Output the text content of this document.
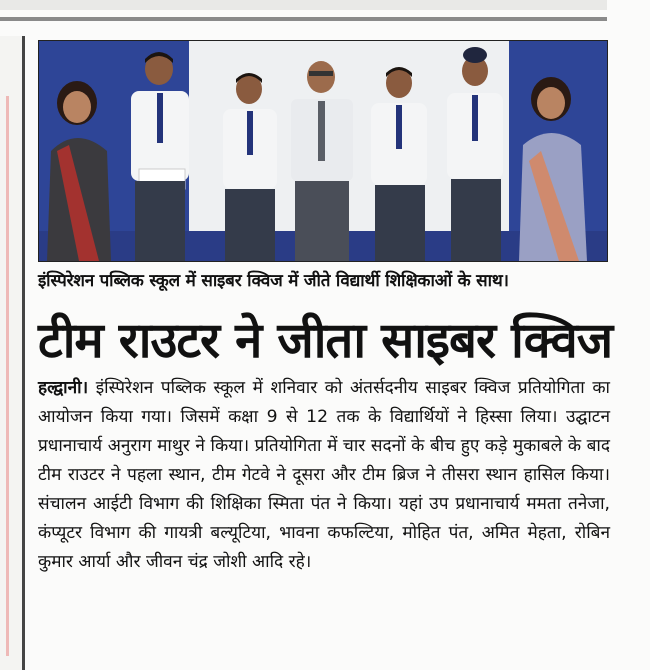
इंस्पिरेशन पब्लिक स्कूल में साइबर क्विज में जीते विद्यार्थी शिक्षिकाओं के साथ।
टीम राउटर ने जीता साइबर क्विज
हल्द्वानी। इंस्पिरेशन पब्लिक स्कूल में शनिवार को अंतर्सदनीय साइबर क्विज प्रतियोगिता का आयोजन किया गया। जिसमें कक्षा 9 से 12 तक के विद्यार्थियों ने हिस्सा लिया। उद्घाटन प्रधानाचार्य अनुराग माथुर ने किया। प्रतियोगिता में चार सदनों के बीच हुए कड़े मुकाबले के बाद टीम राउटर ने पहला स्थान, टीम गेटवे ने दूसरा और टीम ब्रिज ने तीसरा स्थान हासिल किया। संचालन आईटी विभाग की शिक्षिका स्मिता पंत ने किया। यहां उप प्रधानाचार्य ममता तनेजा, कंप्यूटर विभाग की गायत्री बल्यूटिया, भावना कफल्टिया, मोहित पंत, अमित मेहता, रोबिन कुमार आर्या और जीवन चंद्र जोशी आदि रहे।
